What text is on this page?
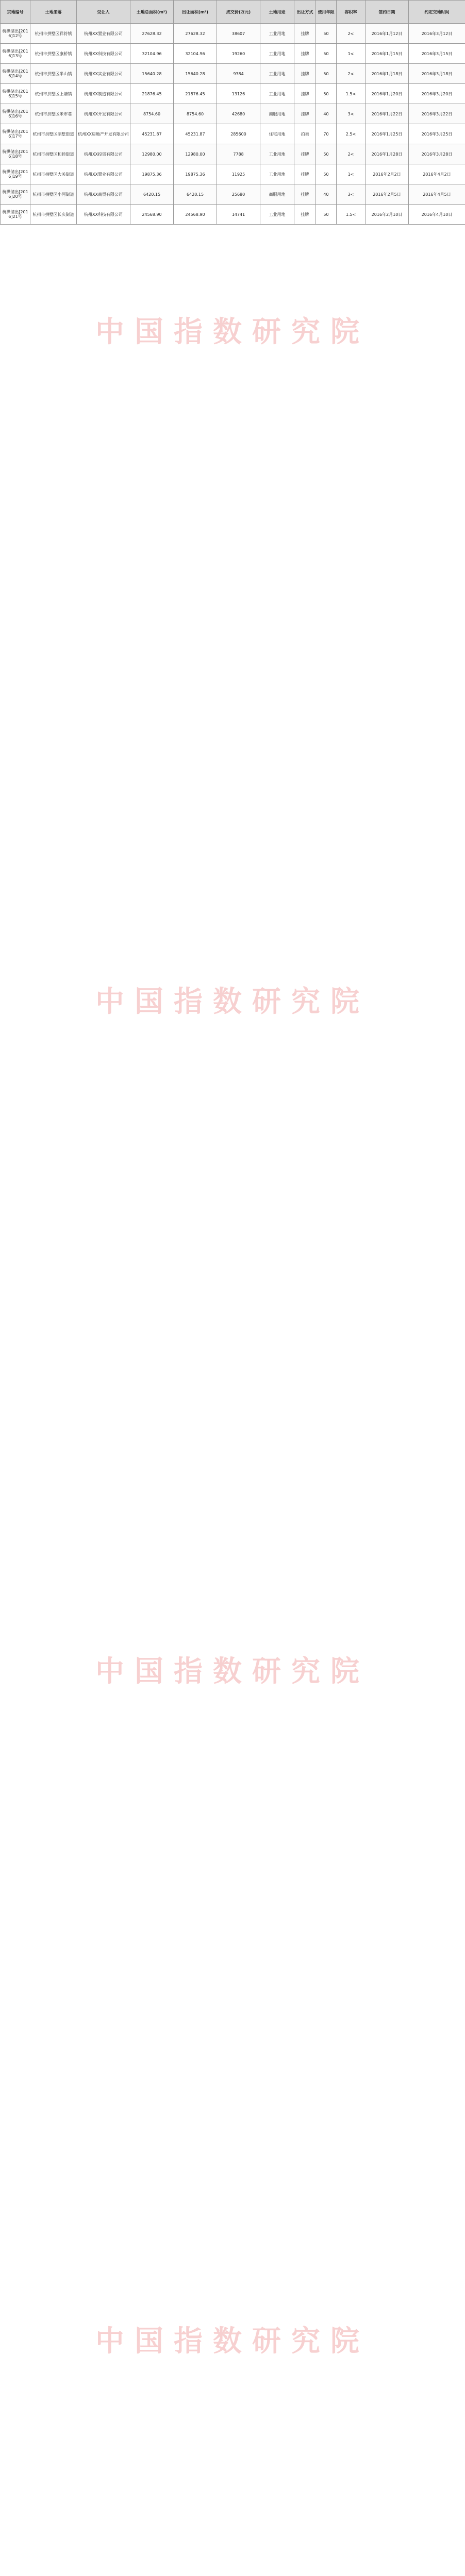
宗地编号	土地坐落	受让人	土地总面积(m²)	出让面积(m²)	成交价(万元)	土地用途	出让方式	使用年限	容积率	签约日期	约定交地时间
杭拱储出[2016]12号	杭州市拱墅区祥符镇	杭州XX置业有限公司	27628.32	27628.32	38607	工业用地	挂牌	50	2<	2016年1月12日	2016年3月12日
杭拱储出[2016]13号	杭州市拱墅区康桥镇	杭州XX科技有限公司	32104.96	32104.96	19260	工业用地	挂牌	50	1<	2016年1月15日	2016年3月15日
杭拱储出[2016]14号	杭州市拱墅区半山镇	杭州XX实业有限公司	15640.28	15640.28	9384	工业用地	挂牌	50	2<	2016年1月18日	2016年3月18日
杭拱储出[2016]15号	杭州市拱墅区上塘镇	杭州XX制造有限公司	21876.45	21876.45	13126	工业用地	挂牌	50	1.5<	2016年1月20日	2016年3月20日
杭拱储出[2016]16号	杭州市拱墅区米市巷	杭州XX开发有限公司	8754.60	8754.60	42680	商服用地	挂牌	40	3<	2016年1月22日	2016年3月22日
杭拱储出[2016]17号	杭州市拱墅区湖墅街道	杭州XX房地产开发有限公司	45231.87	45231.87	285600	住宅用地	拍卖	70	2.5<	2016年1月25日	2016年3月25日
杭拱储出[2016]18号	杭州市拱墅区和睦街道	杭州XX投资有限公司	12980.00	12980.00	7788	工业用地	挂牌	50	2<	2016年1月28日	2016年3月28日
杭拱储出[2016]19号	杭州市拱墅区大关街道	杭州XX置业有限公司	19875.36	19875.36	11925	工业用地	挂牌	50	1<	2016年2月2日	2016年4月2日
杭拱储出[2016]20号	杭州市拱墅区小河街道	杭州XX商贸有限公司	6420.15	6420.15	25680	商服用地	挂牌	40	3<	2016年2月5日	2016年4月5日
杭拱储出[2016]21号	杭州市拱墅区长庆街道	杭州XX科技有限公司	24568.90	24568.90	14741	工业用地	挂牌	50	1.5<	2016年2月10日	2016年4月10日
中国指数研究院
中国指数研究院
中国指数研究院
中国指数研究院
